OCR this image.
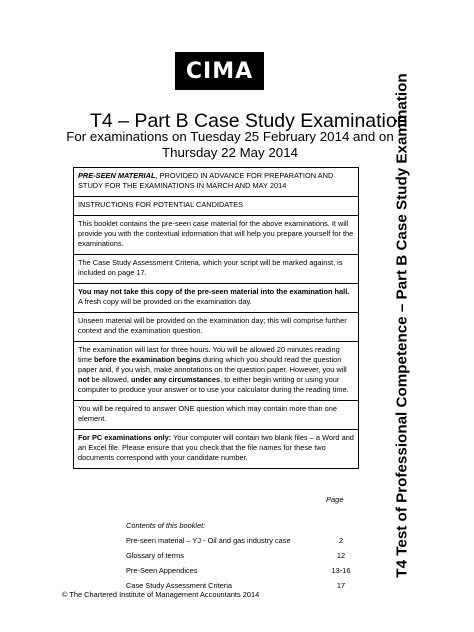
CIMA
T4 – Part B Case Study Examination
For examinations on Tuesday 25 February 2014 and on Thursday 22 May 2014
PRE-SEEN MATERIAL, PROVIDED IN ADVANCE FOR PREPARATION AND STUDY FOR THE EXAMINATIONS IN MARCH AND MAY 2014
INSTRUCTIONS FOR POTENTIAL CANDIDATES
This booklet contains the pre-seen case material for the above examinations. It will provide you with the contextual information that will help you prepare yourself for the examinations.
The Case Study Assessment Criteria, which your script will be marked against, is included on page 17.
You may not take this copy of the pre-seen material into the examination hall. A fresh copy will be provided on the examination day.
Unseen material will be provided on the examination day; this will comprise further context and the examination question.
The examination will last for three hours. You will be allowed 20 minutes reading time before the examination begins during which you should read the question paper and, if you wish, make annotations on the question paper. However, you will not be allowed, under any circumstances, to either begin writing or using your computer to produce your answer or to use your calculator during the reading time.
You will be required to answer ONE question which may contain more than one element.
For PC examinations only: Your computer will contain two blank files – a Word and an Excel file. Please ensure that you check that the file names for these two documents correspond with your candidate number.
Page
Contents of this booklet:
Pre-seen material – YJ - Oil and gas industry case	2
Glossary of terms	12
Pre-Seen Appendices	13-16
Case Study Assessment Criteria	17
© The Chartered Institute of Management Accountants 2014
T4 Test of Professional Competence – Part B Case Study Examination
